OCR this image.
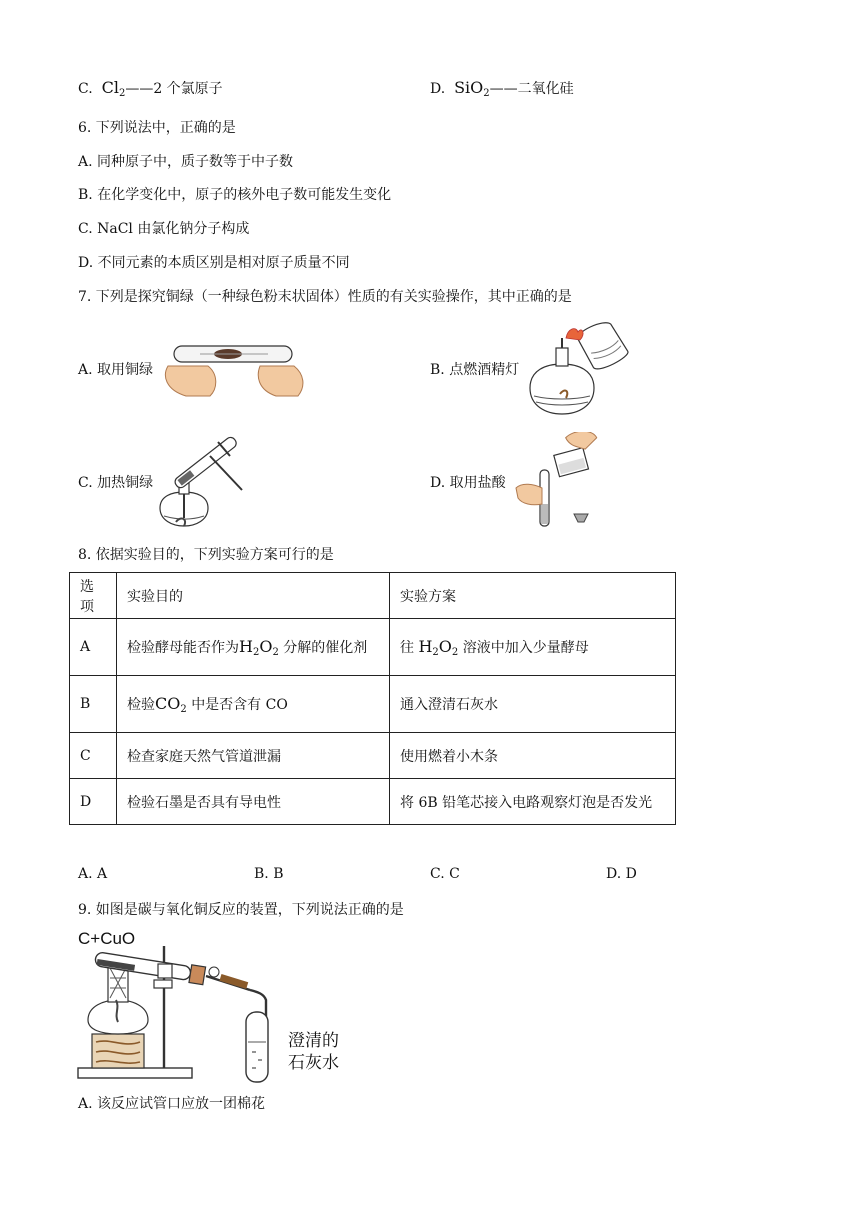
C. $Cl_2——2$ 个氯原子	D. SiO$_2$——二氧化硅
6. 下列说法中，正确的是
A. 同种原子中，质子数等于中子数
B. 在化学变化中，原子的核外电子数可能发生变化
C. NaCl 由氯化钠分子构成
D. 不同元素的本质区别是相对原子质量不同
7. 下列是探究铜绿（一种绿色粉末状固体）性质的有关实验操作，其中正确的是
A. 取用铜绿	B. 点燃酒精灯
C. 加热铜绿	D. 取用盐酸
8. 依据实验目的，下列实验方案可行的是
选项	实验目的	实验方案
A	检验酵母能否作为$H_2O_2$ 分解的催化剂	往 $H_2O_2$ 溶液中加入少量酵母
B	检验$CO_2$ 中是否含有 CO	通入澄清石灰水
C	检查家庭天然气管道泄漏	使用燃着小木条
D	检验石墨是否具有导电性	将 6B 铅笔芯接入电路观察灯泡是否发光
A. A	B. B	C. C	D. D
9. 如图是碳与氧化铜反应的装置，下列说法正确的是
C+CuO
澄清的
石灰水
A. 该反应试管口应放一团棉花
